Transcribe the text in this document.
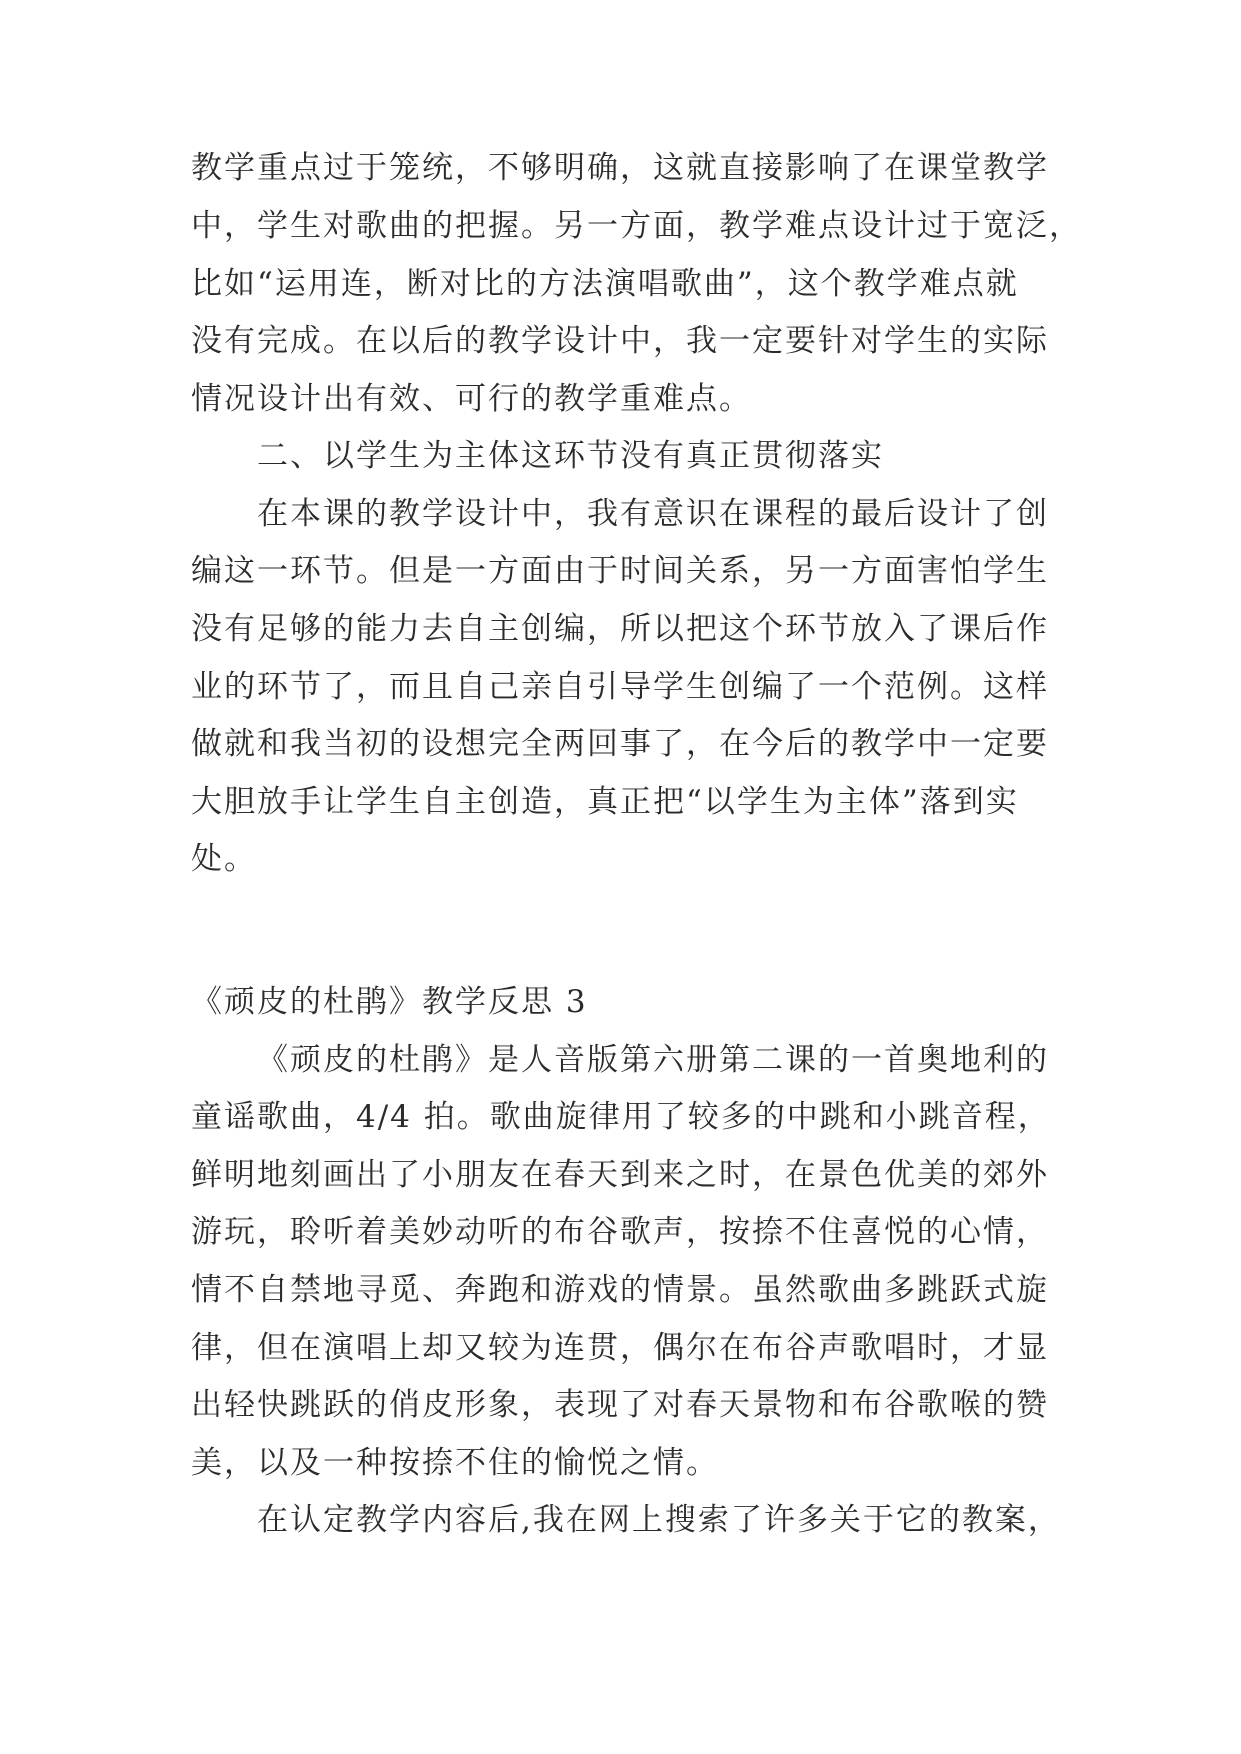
教学重点过于笼统，不够明确，这就直接影响了在课堂教学
中，学生对歌曲的把握。另一方面，教学难点设计过于宽泛，
比如“运用连，断对比的方法演唱歌曲”，这个教学难点就
没有完成。在以后的教学设计中，我一定要针对学生的实际
情况设计出有效、可行的教学重难点。
二、以学生为主体这环节没有真正贯彻落实
在本课的教学设计中，我有意识在课程的最后设计了创
编这一环节。但是一方面由于时间关系，另一方面害怕学生
没有足够的能力去自主创编，所以把这个环节放入了课后作
业的环节了，而且自己亲自引导学生创编了一个范例。这样
做就和我当初的设想完全两回事了，在今后的教学中一定要
大胆放手让学生自主创造，真正把“以学生为主体”落到实
处。
《顽皮的杜鹃》教学反思 3
《顽皮的杜鹃》是人音版第六册第二课的一首奥地利的
童谣歌曲，4/4 拍。歌曲旋律用了较多的中跳和小跳音程，
鲜明地刻画出了小朋友在春天到来之时，在景色优美的郊外
游玩，聆听着美妙动听的布谷歌声，按捺不住喜悦的心情，
情不自禁地寻觅、奔跑和游戏的情景。虽然歌曲多跳跃式旋
律，但在演唱上却又较为连贯，偶尔在布谷声歌唱时，才显
出轻快跳跃的俏皮形象，表现了对春天景物和布谷歌喉的赞
美，以及一种按捺不住的愉悦之情。
在认定教学内容后,我在网上搜索了许多关于它的教案，
